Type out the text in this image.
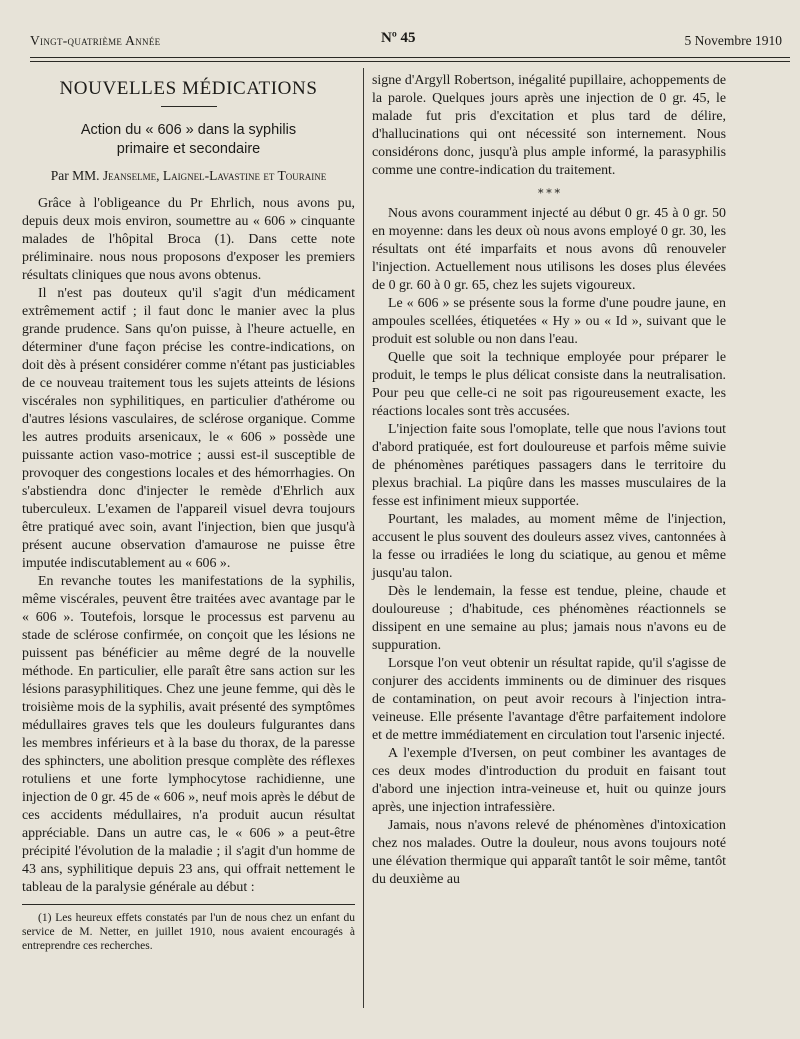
Vingt-quatrième Année	Nº 45	5 Novembre 1910
NOUVELLES MÉDICATIONS
Action du « 606 » dans la syphilis
primaire et secondaire
Par MM. Jeanselme, Laignel-Lavastine et Touraine

Grâce à l'obligeance du Pr Ehrlich, nous avons pu, depuis deux mois environ, soumettre au « 606 » cinquante malades de l'hôpital Broca (1). Dans cette note préliminaire. nous nous proposons d'exposer les premiers résultats cliniques que nous avons obtenus.

Il n'est pas douteux qu'il s'agit d'un médicament extrêmement actif ; il faut donc le manier avec la plus grande prudence. Sans qu'on puisse, à l'heure actuelle, en déterminer d'une façon précise les contre-indications, on doit dès à présent considérer comme n'étant pas justiciables de ce nouveau traitement tous les sujets atteints de lésions viscérales non syphilitiques, en particulier d'athérome ou d'autres lésions vasculaires, de sclérose organique. Comme les autres produits arsenicaux, le « 606 » possède une puissante action vaso-motrice ; aussi est-il susceptible de provoquer des congestions locales et des hémorrhagies. On s'abstiendra donc d'injecter le remède d'Ehrlich aux tuberculeux. L'examen de l'appareil visuel devra toujours être pratiqué avec soin, avant l'injection, bien que jusqu'à présent aucune observation d'amaurose ne puisse être imputée indiscutablement au « 606 ».

En revanche toutes les manifestations de la syphilis, même viscérales, peuvent être traitées avec avantage par le « 606 ». Toutefois, lorsque le processus est parvenu au stade de sclérose confirmée, on conçoit que les lésions ne puissent pas bénéficier au même degré de la nouvelle méthode. En particulier, elle paraît être sans action sur les lésions parasyphilitiques. Chez une jeune femme, qui dès le troisième mois de la syphilis, avait présenté des symptômes médullaires graves tels que les douleurs fulgurantes dans les membres inférieurs et à la base du thorax, de la paresse des sphincters, une abolition presque complète des réflexes rotuliens et une forte lymphocytose rachidienne, une injection de 0 gr. 45 de « 606 », neuf mois après le début de ces accidents médullaires, n'a produit aucun résultat appréciable. Dans un autre cas, le « 606 » a peut-être précipité l'évolution de la maladie ; il s'agit d'un homme de 43 ans, syphilitique depuis 23 ans, qui offrait nettement le tableau de la paralysie générale au début :

(1) Les heureux effets constatés par l'un de nous chez un enfant du service de M. Netter, en juillet 1910, nous avaient encouragés à entreprendre ces recherches.

signe d'Argyll Robertson, inégalité pupillaire, achoppements de la parole. Quelques jours après une injection de 0 gr. 45, le malade fut pris d'excitation et plus tard de délire, d'hallucinations qui ont nécessité son internement. Nous considérons donc, jusqu'à plus ample informé, la parasyphilis comme une contre-indication du traitement.

⁎ ⁎ ⁎

Nous avons couramment injecté au début 0 gr. 45 à 0 gr. 50 en moyenne: dans les deux où nous avons employé 0 gr. 30, les résultats ont été imparfaits et nous avons dû renouveler l'injection. Actuellement nous utilisons les doses plus élevées de 0 gr. 60 à 0 gr. 65, chez les sujets vigoureux.

Le « 606 » se présente sous la forme d'une poudre jaune, en ampoules scellées, étiquetées « Hy » ou « Id », suivant que le produit est soluble ou non dans l'eau.

Quelle que soit la technique employée pour préparer le produit, le temps le plus délicat consiste dans la neutralisation. Pour peu que celle-ci ne soit pas rigoureusement exacte, les réactions locales sont très accusées.

L'injection faite sous l'omoplate, telle que nous l'avions tout d'abord pratiquée, est fort douloureuse et parfois même suivie de phénomènes parétiques passagers dans le territoire du plexus brachial. La piqûre dans les masses musculaires de la fesse est infiniment mieux supportée.

Pourtant, les malades, au moment même de l'injection, accusent le plus souvent des douleurs assez vives, cantonnées à la fesse ou irradiées le long du sciatique, au genou et même jusqu'au talon.

Dès le lendemain, la fesse est tendue, pleine, chaude et douloureuse ; d'habitude, ces phénomènes réactionnels se dissipent en une semaine au plus; jamais nous n'avons eu de suppuration.

Lorsque l'on veut obtenir un résultat rapide, qu'il s'agisse de conjurer des accidents imminents ou de diminuer des risques de contamination, on peut avoir recours à l'injection intra-veineuse. Elle présente l'avantage d'être parfaitement indolore et de mettre immédiatement en circulation tout l'arsenic injecté.

A l'exemple d'Iversen, on peut combiner les avantages de ces deux modes d'introduction du produit en faisant tout d'abord une injection intra-veineuse et, huit ou quinze jours après, une injection intrafessière.

Jamais, nous n'avons relevé de phénomènes d'intoxication chez nos malades. Outre la douleur, nous avons toujours noté une élévation thermique qui apparaît tantôt le soir même, tantôt du deuxième au
